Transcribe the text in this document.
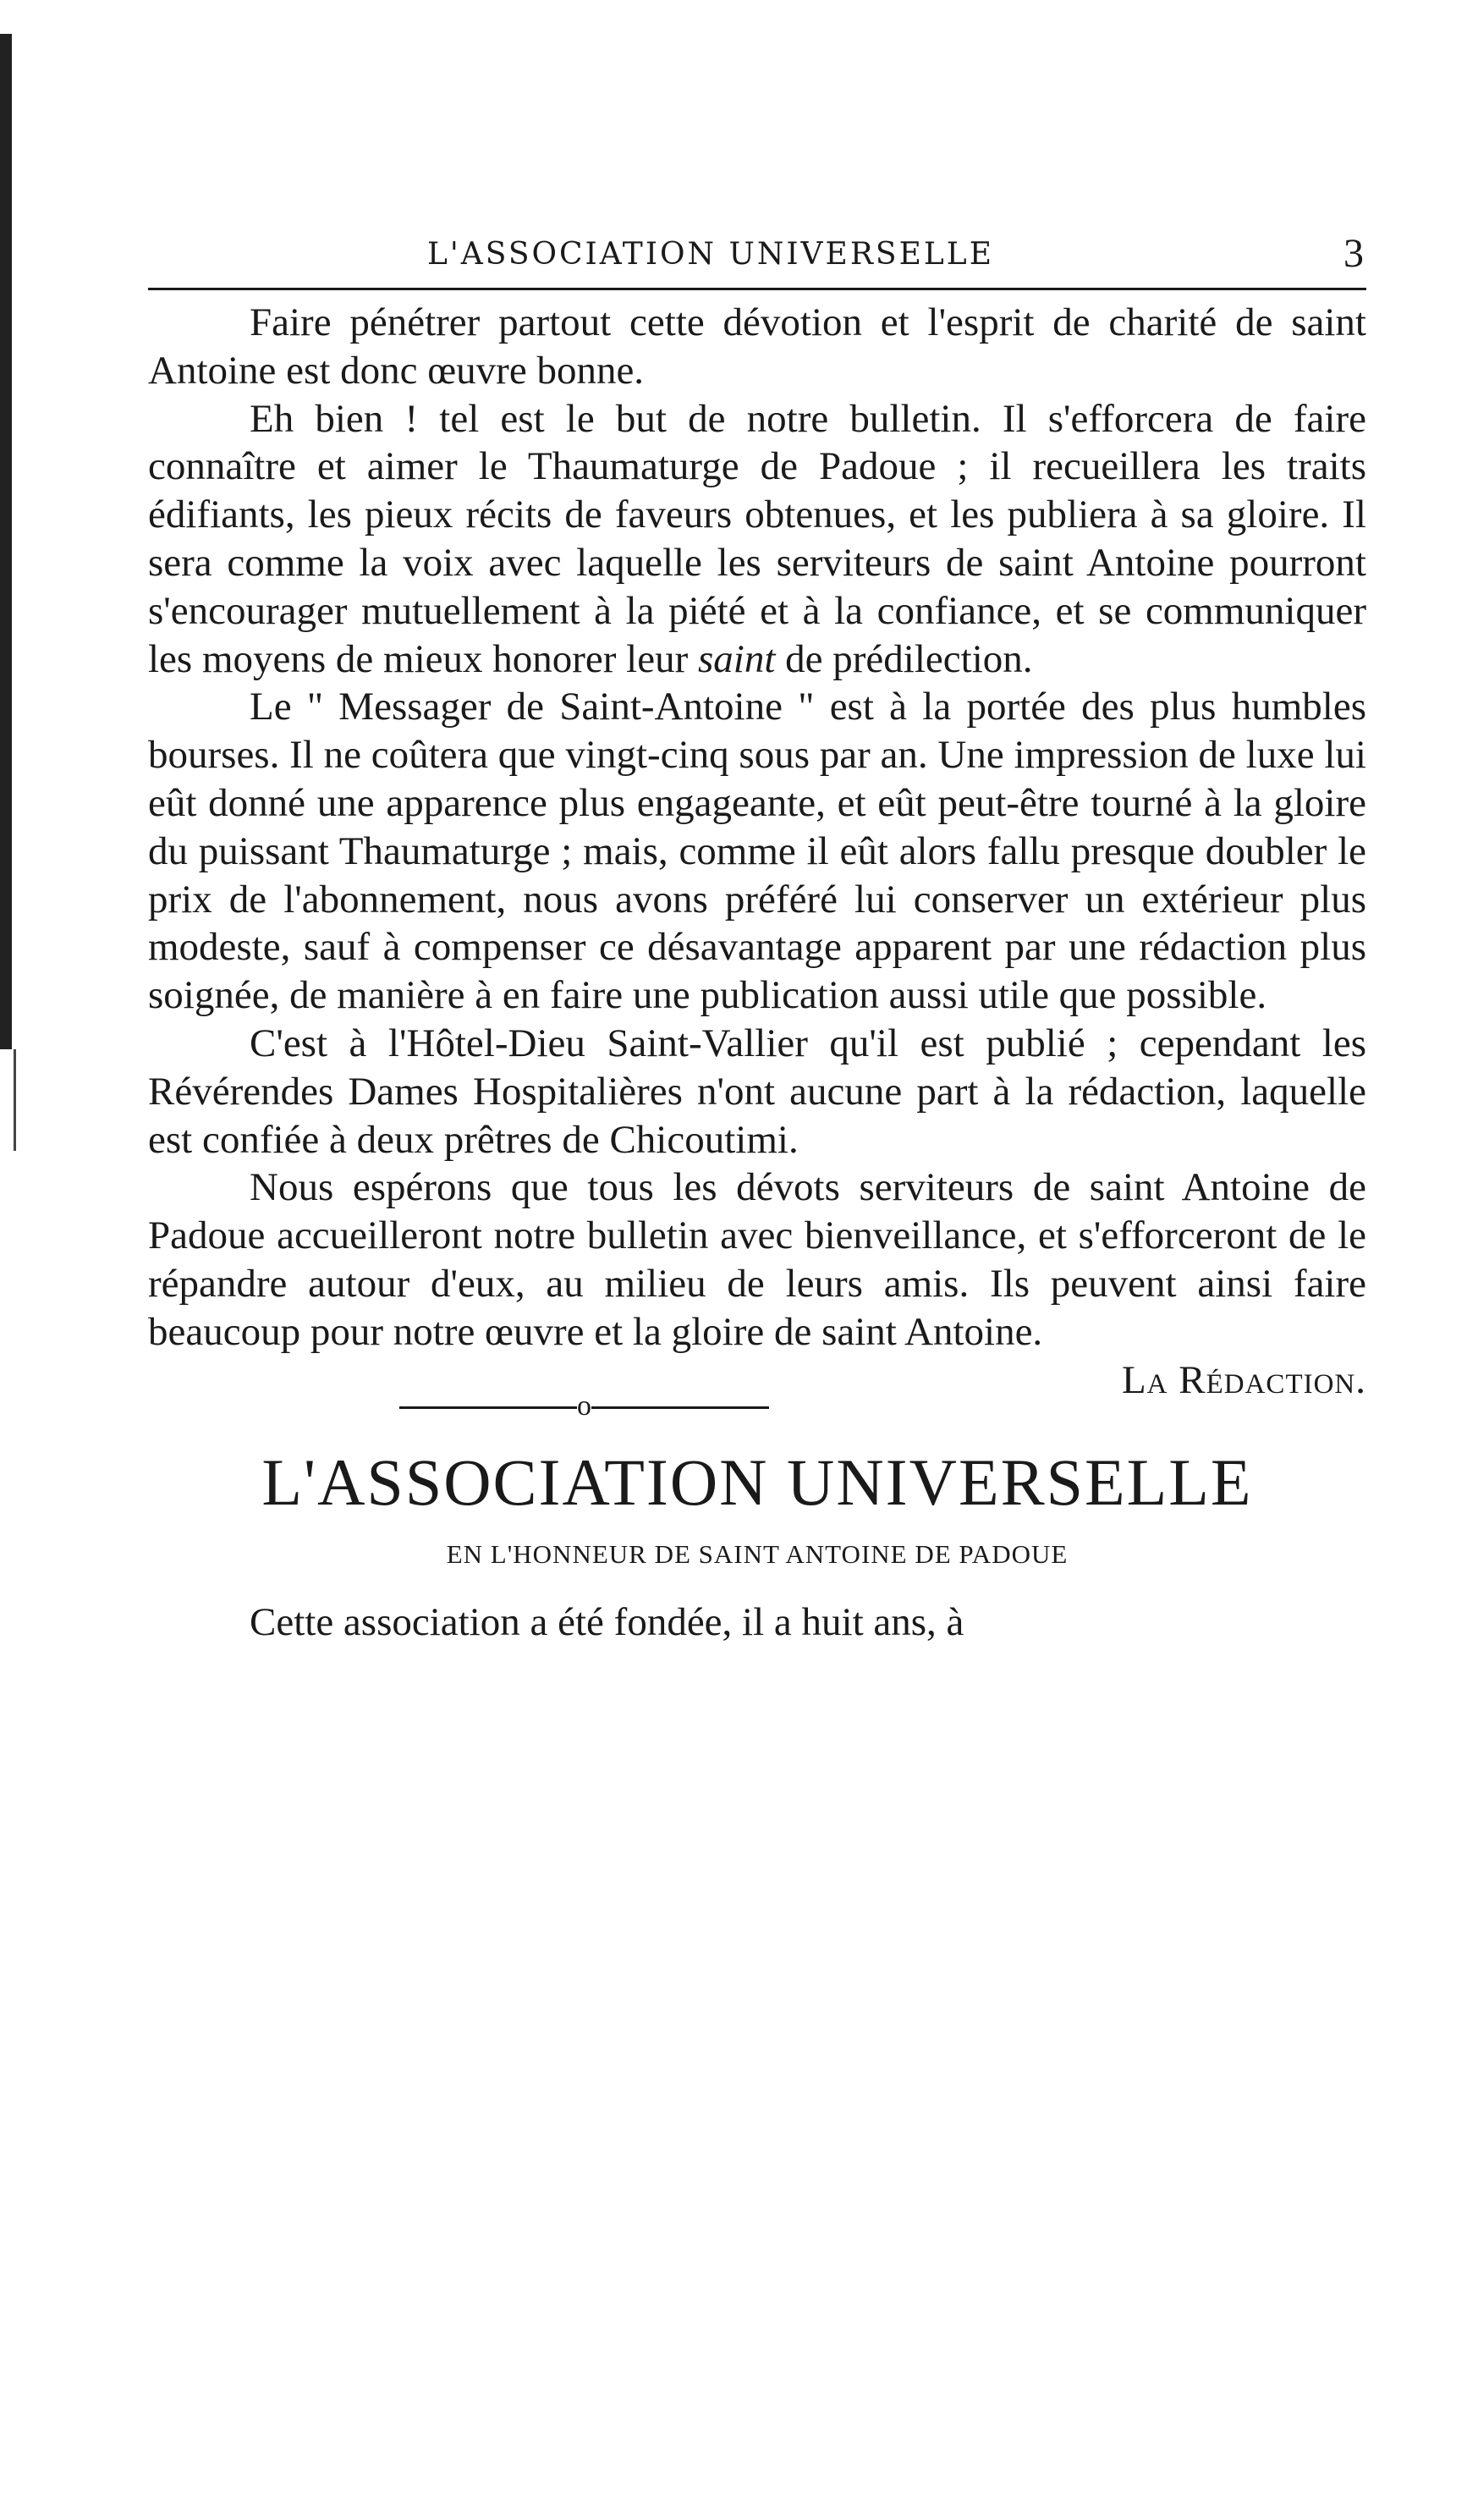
L'ASSOCIATION UNIVERSELLE	3

Faire pénétrer partout cette dévotion et l'esprit de charité de saint Antoine est donc œuvre bonne.

Eh bien ! tel est le but de notre bulletin. Il s'efforcera de faire connaître et aimer le Thaumaturge de Padoue ; il recueillera les traits édifiants, les pieux récits de faveurs obtenues, et les publiera à sa gloire. Il sera comme la voix avec laquelle les serviteurs de saint Antoine pourront s'encourager mutuellement à la piété et à la confiance, et se communiquer les moyens de mieux honorer leur saint de prédilection.

Le " Messager de Saint-Antoine " est à la portée des plus humbles bourses. Il ne coûtera que vingt-cinq sous par an. Une impression de luxe lui eût donné une apparence plus engageante, et eût peut-être tourné à la gloire du puissant Thaumaturge ; mais, comme il eût alors fallu presque doubler le prix de l'abonnement, nous avons préféré lui conserver un extérieur plus modeste, sauf à compenser ce désavantage apparent par une rédaction plus soignée, de manière à en faire une publication aussi utile que possible.

C'est à l'Hôtel-Dieu Saint-Vallier qu'il est publié ; cependant les Révérendes Dames Hospitalières n'ont aucune part à la rédaction, laquelle est confiée à deux prêtres de Chicoutimi.

Nous espérons que tous les dévots serviteurs de saint Antoine de Padoue accueilleront notre bulletin avec bienveillance, et s'efforceront de le répandre autour d'eux, au milieu de leurs amis. Ils peuvent ainsi faire beaucoup pour notre œuvre et la gloire de saint Antoine.
La Rédaction.

o
L'ASSOCIATION UNIVERSELLE
EN L'HONNEUR DE SAINT ANTOINE DE PADOUE

Cette association a été fondée, il a huit ans, à
